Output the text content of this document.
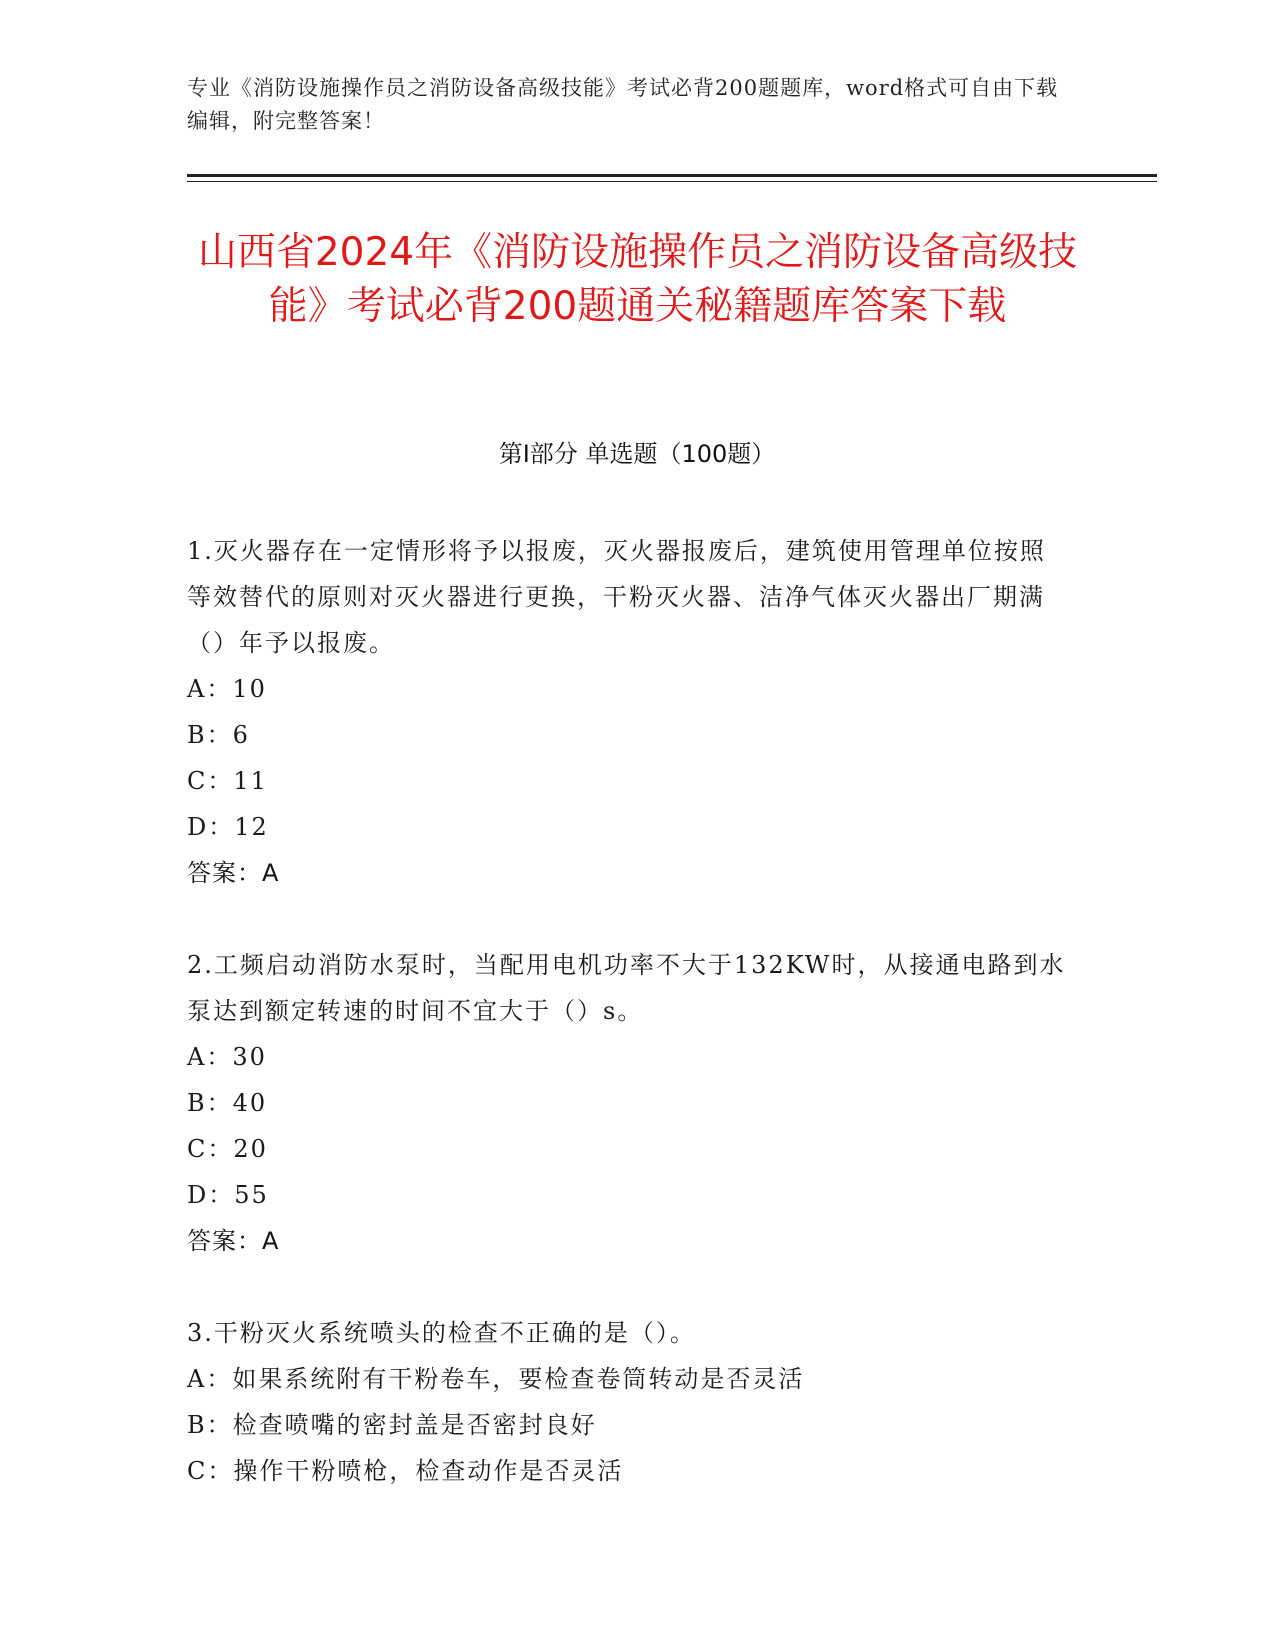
专业《消防设施操作员之消防设备高级技能》考试必背200题题库，word格式可自由下载编辑，附完整答案！
山西省2024年《消防设施操作员之消防设备高级技能》考试必背200题通关秘籍题库答案下载
第I部分 单选题（100题）

1.灭火器存在一定情形将予以报废，灭火器报废后，建筑使用管理单位按照等效替代的原则对灭火器进行更换，干粉灭火器、洁净气体灭火器出厂期满（）年予以报废。

A：10

B：6

C：11

D：12

答案：A

2.工频启动消防水泵时，当配用电机功率不大于132KW时，从接通电路到水泵达到额定转速的时间不宜大于（）s。

A：30

B：40

C：20

D：55

答案：A

3.干粉灭火系统喷头的检查不正确的是（）。

A：如果系统附有干粉卷车，要检查卷筒转动是否灵活

B：检查喷嘴的密封盖是否密封良好

C：操作干粉喷枪，检查动作是否灵活
